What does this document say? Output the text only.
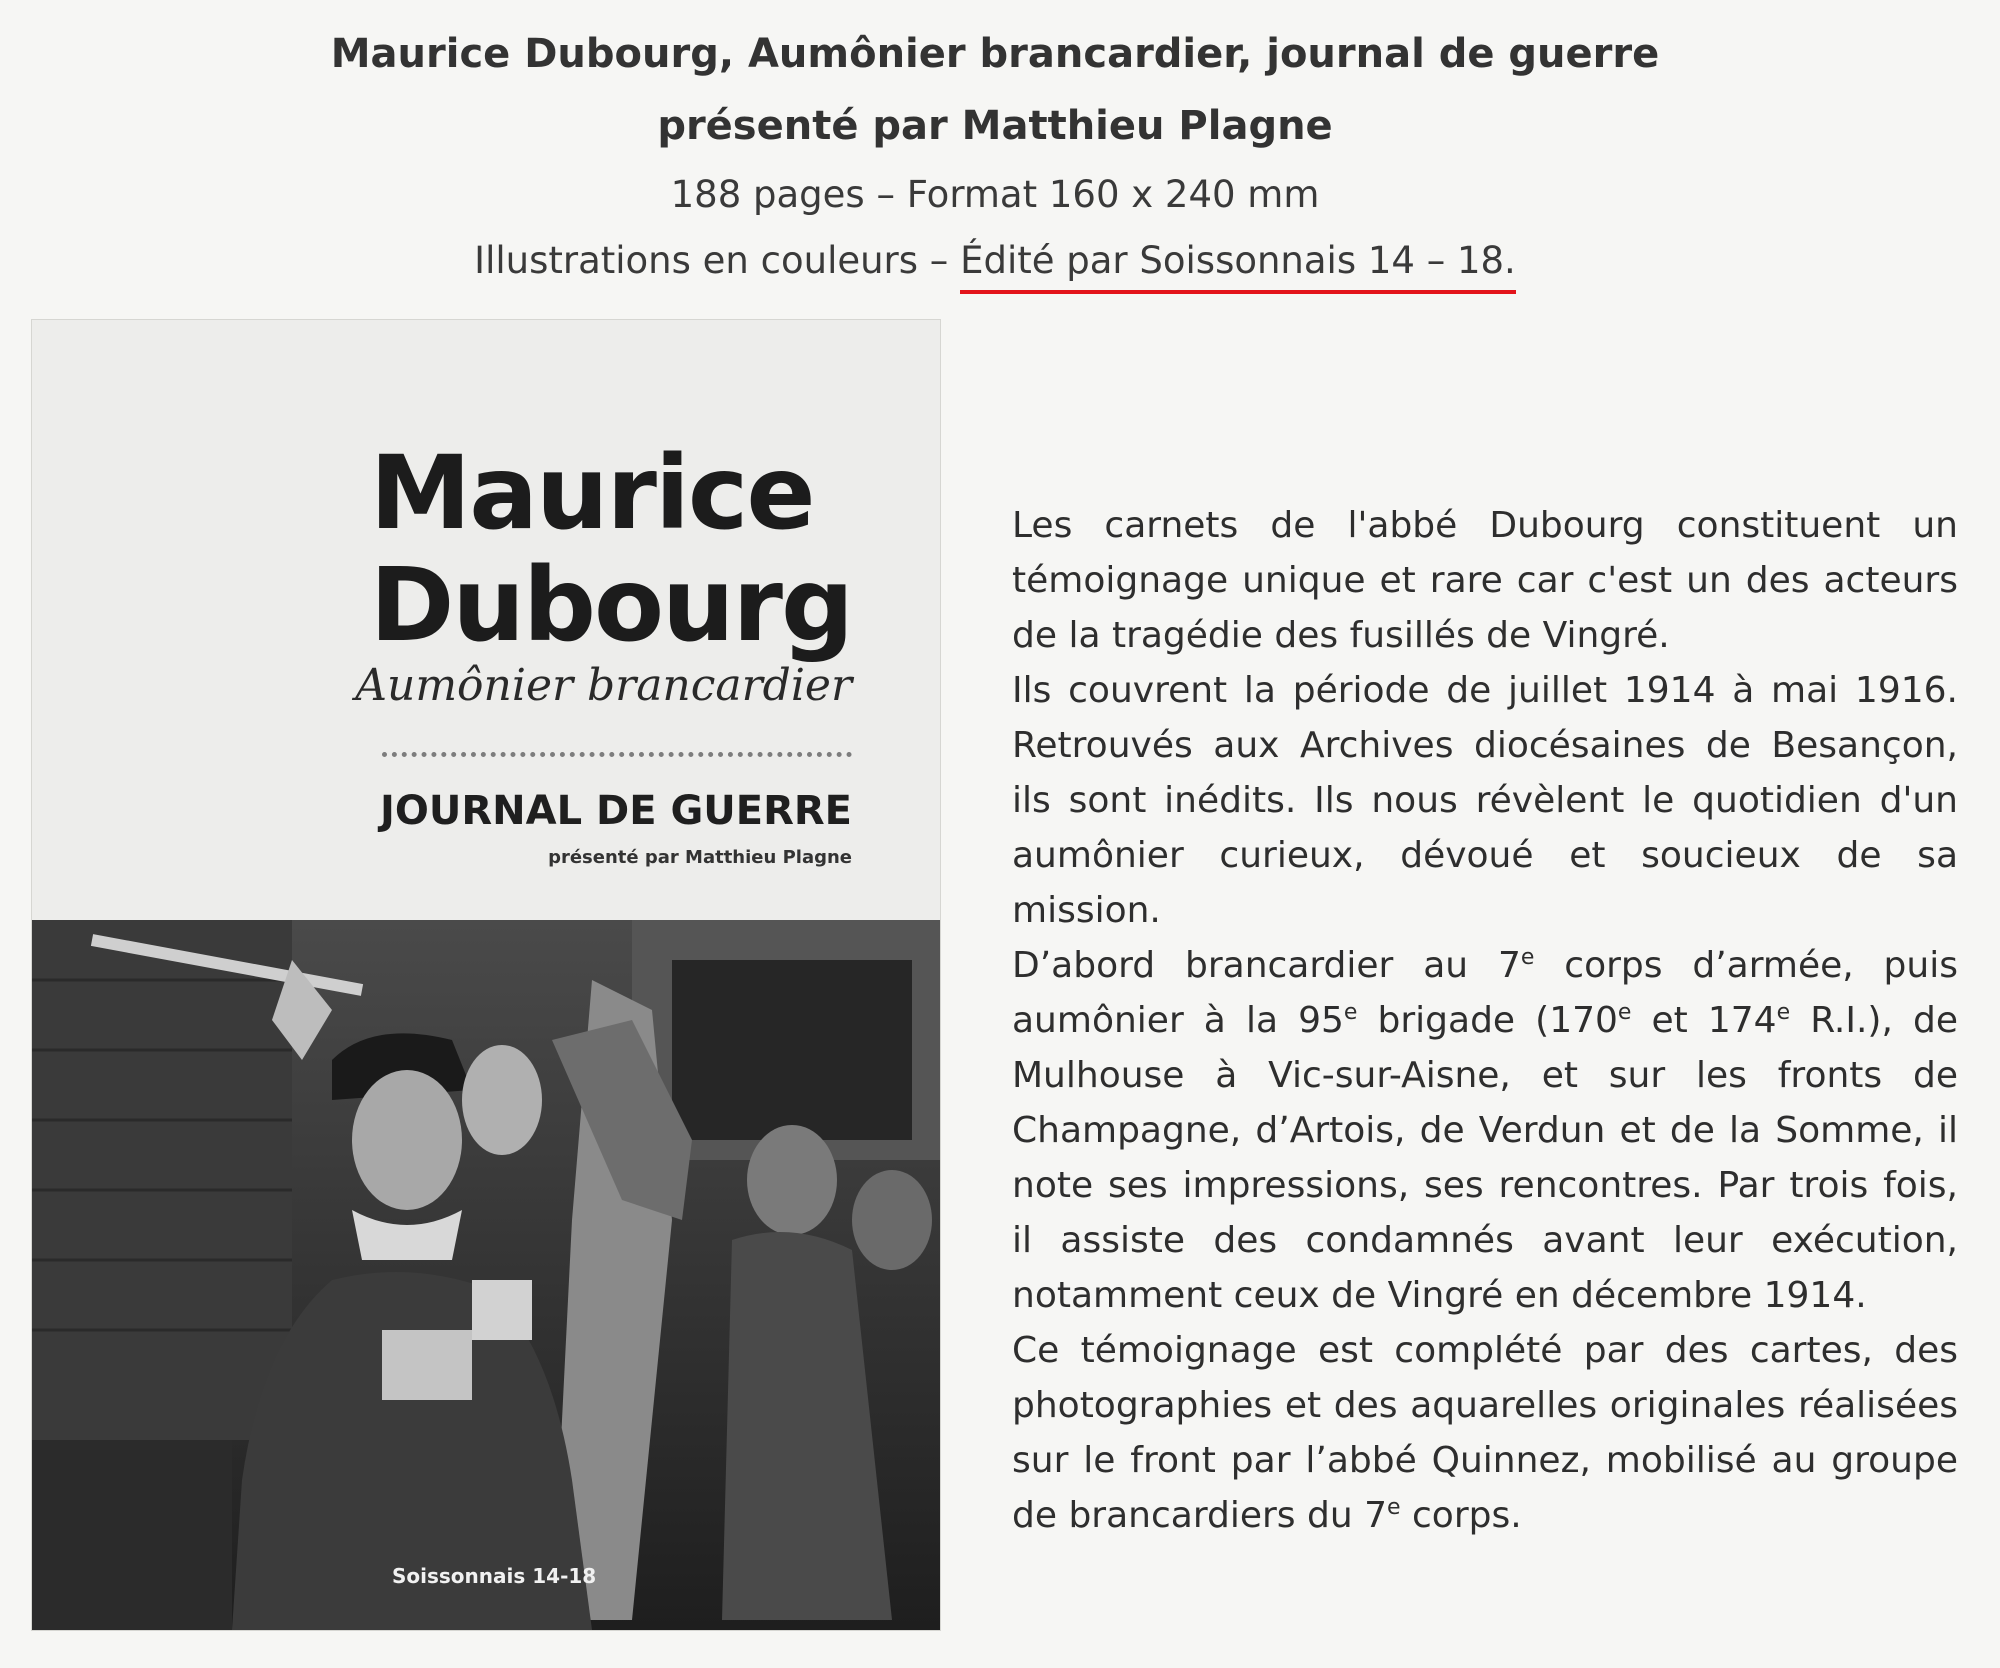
Maurice Dubourg, Aumônier brancardier, journal de guerre
présenté par Matthieu Plagne
188 pages – Format 160 x 240 mm
Illustrations en couleurs – Édité par Soissonnais 14 – 18.
Maurice
Dubourg
Aumônier brancardier
JOURNAL DE GUERRE
présenté par Matthieu Plagne
Soissonnais 14-18

Les carnets de l'abbé Dubourg constituent un témoignage unique et rare car c'est un des acteurs de la tragédie des fusillés de Vingré.

Ils couvrent la période de juillet 1914 à mai 1916. Retrouvés aux Archives diocésaines de Besançon, ils sont inédits. Ils nous révèlent le quotidien d'un aumônier curieux, dévoué et soucieux de sa mission.

D’abord brancardier au 7e corps d’armée, puis aumônier à la 95e brigade (170e et 174e R.I.), de Mulhouse à Vic-sur-Aisne, et sur les fronts de Champagne, d’Artois, de Verdun et de la Somme, il note ses impressions, ses rencontres. Par trois fois, il assiste des condamnés avant leur exécution, notamment ceux de Vingré en décembre 1914.

Ce témoignage est complété par des cartes, des photographies et des aquarelles originales réalisées sur le front par l’abbé Quinnez, mobilisé au groupe de brancardiers du 7e corps.
